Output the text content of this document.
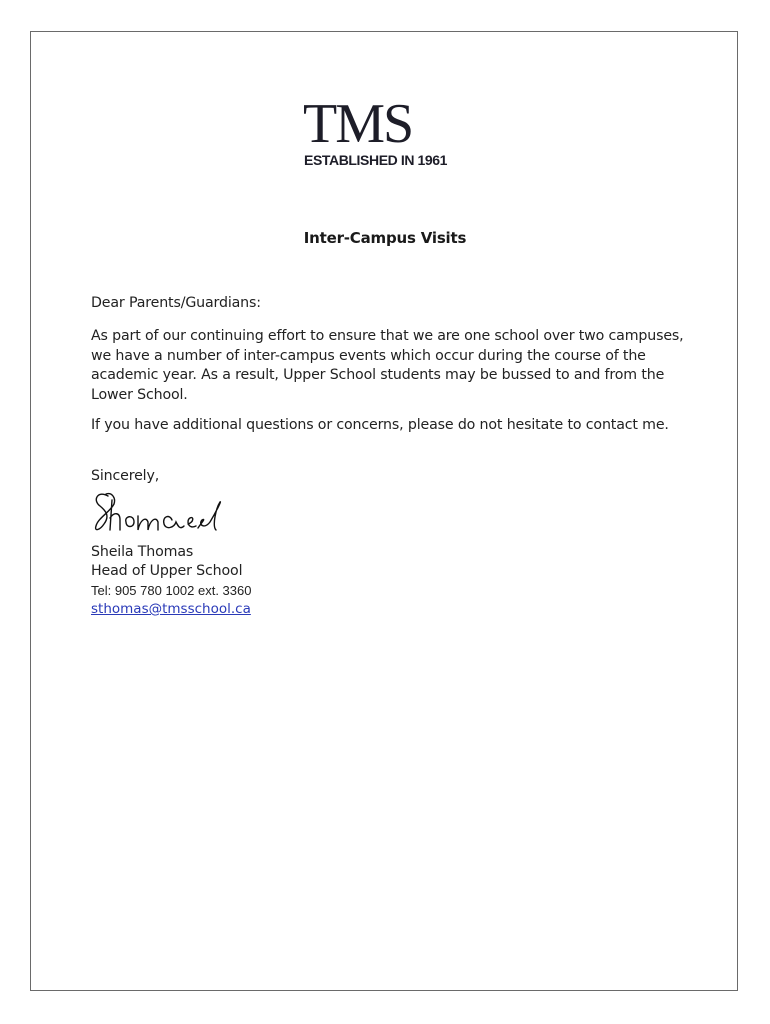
TMS
ESTABLISHED IN 1961
Inter-Campus Visits

Dear Parents/Guardians:

As part of our continuing effort to ensure that we are one school over two campuses, we have a number of inter-campus events which occur during the course of the academic year. As a result, Upper School students may be bussed to and from the Lower School.

If you have additional questions or concerns, please do not hesitate to contact me.

Sincerely,

Sheila Thomas
Head of Upper School
Tel: 905 780 1002 ext. 3360
sthomas@tmsschool.ca
